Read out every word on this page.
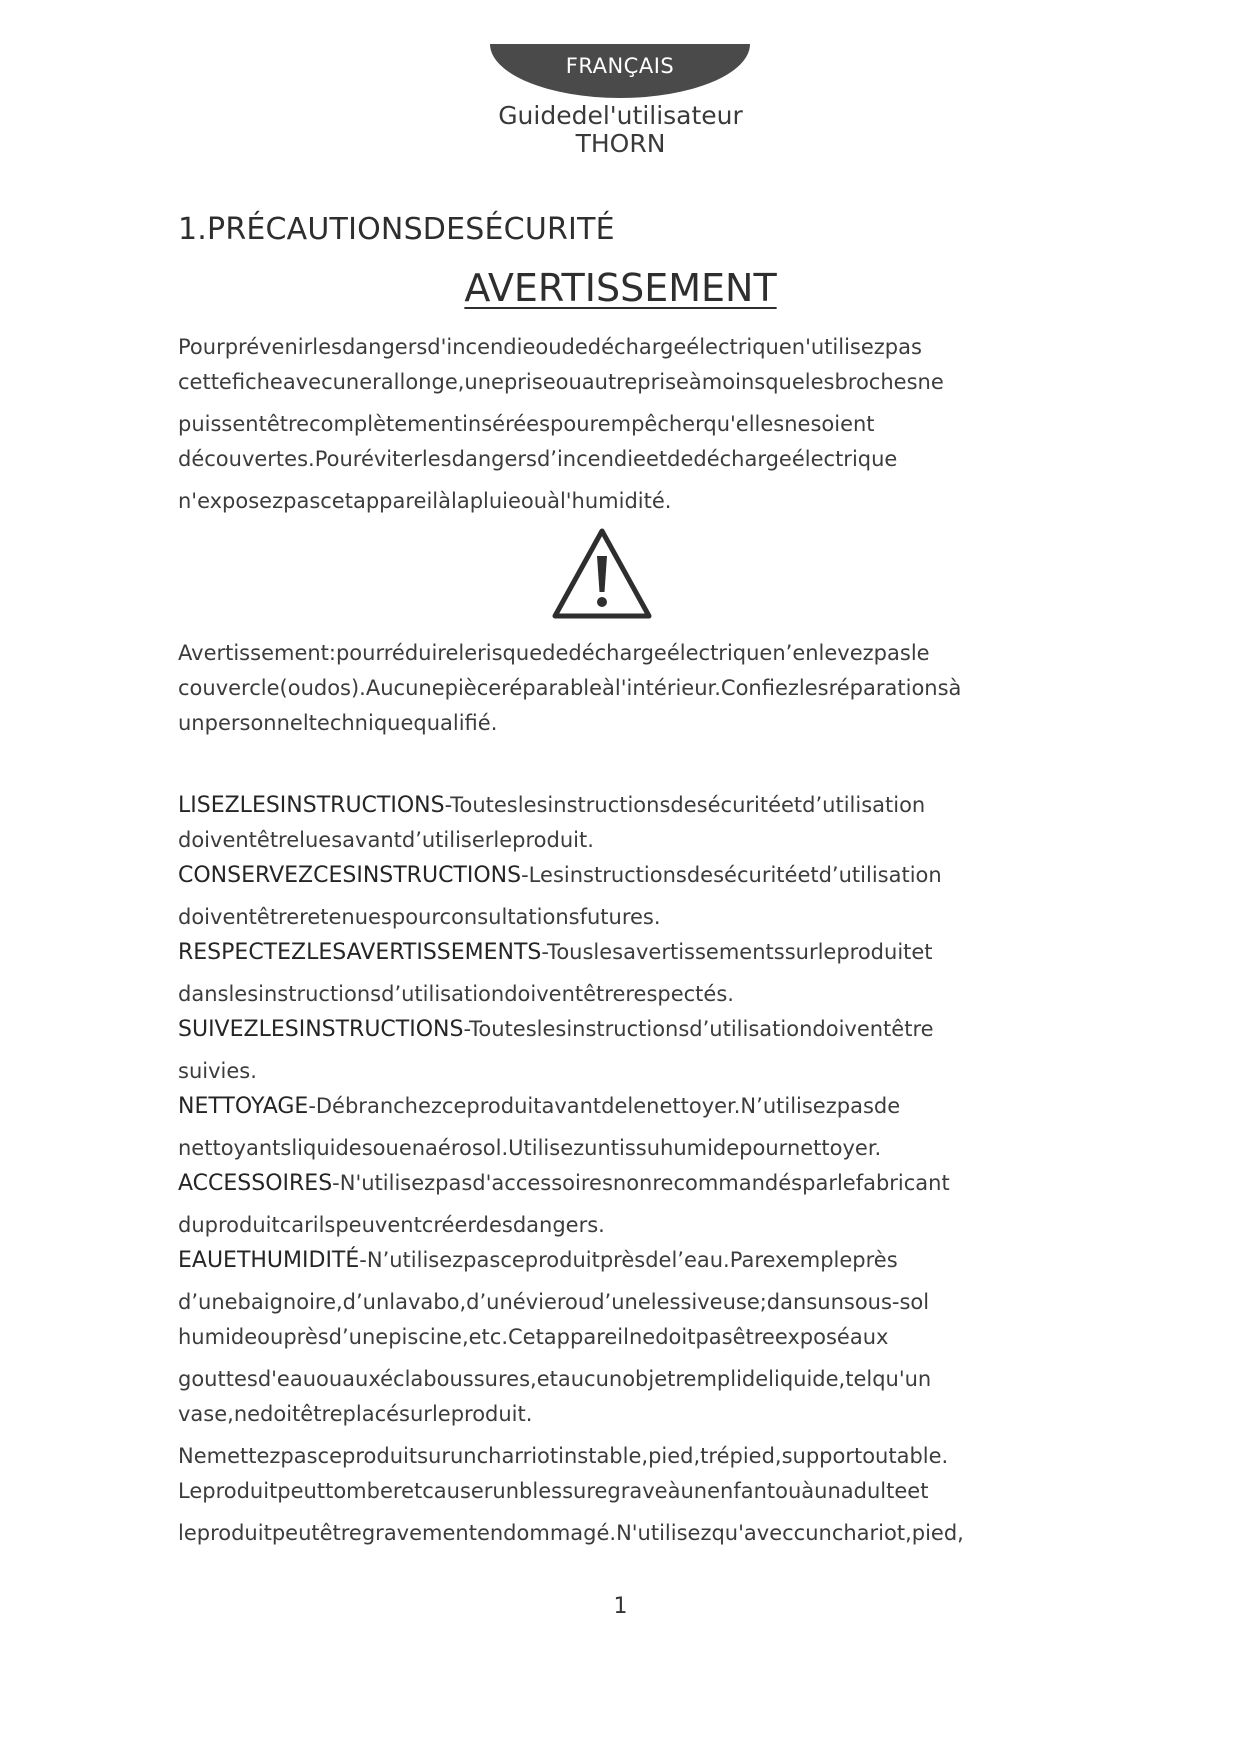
FRANÇAIS
Guidedel'utilisateur
THORN
1.PRÉCAUTIONSDESÉCURITÉ
AVERTISSEMENT
Pourprévenirlesdangersd'incendieoudedéchargeélectriquen'utilisezpas
cetteficheavecunerallonge,unepriseouautrepriseàmoinsquelesbrochesne
puissentêtrecomplètementinséréespourempêcherqu'ellesnesoient
découvertes.Pouréviterlesdangersd’incendieetdedéchargeélectrique
n'exposezpascetappareilàlapluieouàl'humidité.
Avertissement:pourréduirelerisquededéchargeélectriquen’enlevezpasle
couvercle(oudos).Aucunepièceréparableàl'intérieur.Confiezlesréparationsà
unpersonneltechniquequalifié.
LISEZLESINSTRUCTIONS-Touteslesinstructionsdesécuritéetd’utilisation
doiventêtreluesavantd’utiliserleproduit.
CONSERVEZCESINSTRUCTIONS-Lesinstructionsdesécuritéetd’utilisation
doiventêtreretenuespourconsultationsfutures.
RESPECTEZLESAVERTISSEMENTS-Touslesavertissementssurleproduitet
danslesinstructionsd’utilisationdoiventêtrerespectés.
SUIVEZLESINSTRUCTIONS-Touteslesinstructionsd’utilisationdoiventêtre
suivies.
NETTOYAGE-Débranchezceproduitavantdelenettoyer.N’utilisezpasde
nettoyantsliquidesouenaérosol.Utilisezuntissuhumidepournettoyer.
ACCESSOIRES-N'utilisezpasd'accessoiresnonrecommandésparlefabricant
duproduitcarilspeuventcréerdesdangers.
EAUETHUMIDITÉ-N’utilisezpasceproduitprèsdel’eau.Parexempleprès
d’unebaignoire,d’unlavabo,d’unévieroud’unelessiveuse;dansunsous-sol
humideouprèsd’unepiscine,etc.Cetappareilnedoitpasêtreexposéaux
gouttesd'eauouauxéclaboussures,etaucunobjetremplideliquide,telqu'un
vase,nedoitêtreplacésurleproduit.
Nemettezpasceproduitsuruncharriotinstable,pied,trépied,supportoutable.
Leproduitpeuttomberetcauserunblessuregraveàunenfantouàunadulteet
leproduitpeutêtregravementendommagé.N'utilisezqu'aveccunchariot,pied,
1
